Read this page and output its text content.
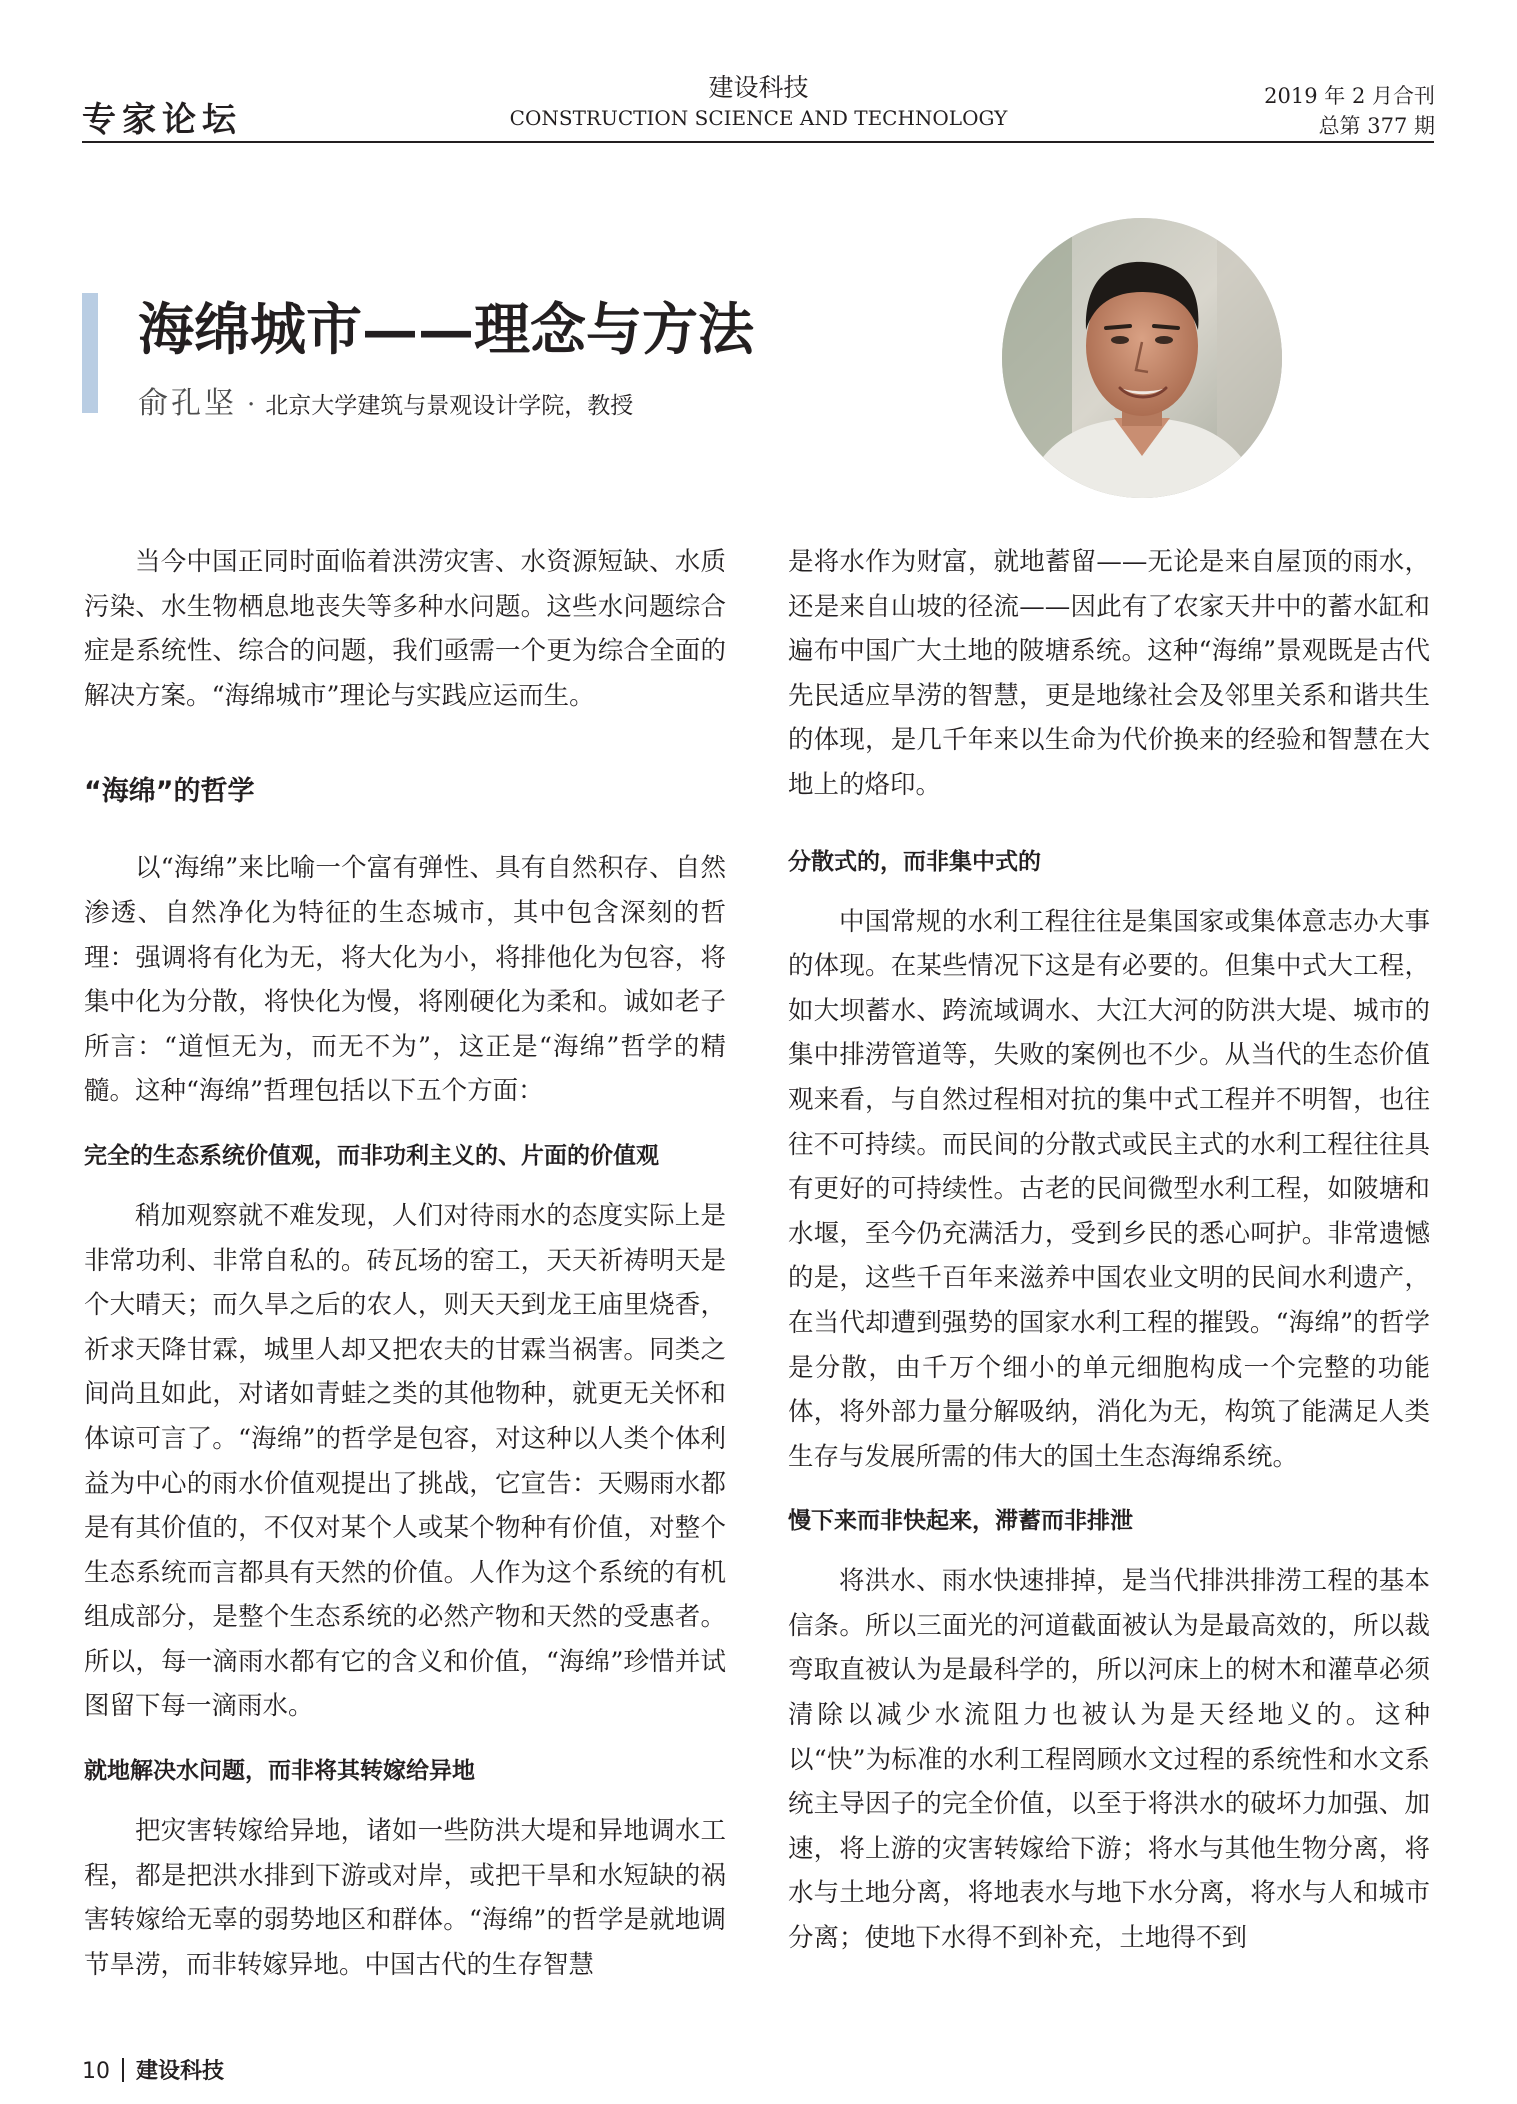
专家论坛
建设科技
CONSTRUCTION SCIENCE AND TECHNOLOGY
2019 年 2 月合刊
总第 377 期
海绵城市——理念与方法
俞孔坚 · 北京大学建筑与景观设计学院，教授

当今中国正同时面临着洪涝灾害、水资源短缺、水质污染、水生物栖息地丧失等多种水问题。这些水问题综合症是系统性、综合的问题，我们亟需一个更为综合全面的解决方案。“海绵城市”理论与实践应运而生。

“海绵”的哲学

以“海绵”来比喻一个富有弹性、具有自然积存、自然渗透、自然净化为特征的生态城市，其中包含深刻的哲理：强调将有化为无，将大化为小，将排他化为包容，将集中化为分散，将快化为慢，将刚硬化为柔和。诚如老子所言：“道恒无为，而无不为”，这正是“海绵”哲学的精髓。这种“海绵”哲理包括以下五个方面：

完全的生态系统价值观，而非功利主义的、片面的价值观

稍加观察就不难发现，人们对待雨水的态度实际上是非常功利、非常自私的。砖瓦场的窑工，天天祈祷明天是个大晴天；而久旱之后的农人，则天天到龙王庙里烧香，祈求天降甘霖，城里人却又把农夫的甘霖当祸害。同类之间尚且如此，对诸如青蛙之类的其他物种，就更无关怀和体谅可言了。“海绵”的哲学是包容，对这种以人类个体利益为中心的雨水价值观提出了挑战，它宣告：天赐雨水都是有其价值的，不仅对某个人或某个物种有价值，对整个生态系统而言都具有天然的价值。人作为这个系统的有机组成部分，是整个生态系统的必然产物和天然的受惠者。所以，每一滴雨水都有它的含义和价值，“海绵”珍惜并试图留下每一滴雨水。

就地解决水问题，而非将其转嫁给异地

把灾害转嫁给异地，诸如一些防洪大堤和异地调水工程，都是把洪水排到下游或对岸，或把干旱和水短缺的祸害转嫁给无辜的弱势地区和群体。“海绵”的哲学是就地调节旱涝，而非转嫁异地。中国古代的生存智慧

是将水作为财富，就地蓄留——无论是来自屋顶的雨水，还是来自山坡的径流——因此有了农家天井中的蓄水缸和遍布中国广大土地的陂塘系统。这种“海绵”景观既是古代先民适应旱涝的智慧，更是地缘社会及邻里关系和谐共生的体现，是几千年来以生命为代价换来的经验和智慧在大地上的烙印。

分散式的，而非集中式的

中国常规的水利工程往往是集国家或集体意志办大事的体现。在某些情况下这是有必要的。但集中式大工程，如大坝蓄水、跨流域调水、大江大河的防洪大堤、城市的集中排涝管道等，失败的案例也不少。从当代的生态价值观来看，与自然过程相对抗的集中式工程并不明智，也往往不可持续。而民间的分散式或民主式的水利工程往往具有更好的可持续性。古老的民间微型水利工程，如陂塘和水堰，至今仍充满活力，受到乡民的悉心呵护。非常遗憾的是，这些千百年来滋养中国农业文明的民间水利遗产，在当代却遭到强势的国家水利工程的摧毁。“海绵”的哲学是分散，由千万个细小的单元细胞构成一个完整的功能体，将外部力量分解吸纳，消化为无，构筑了能满足人类生存与发展所需的伟大的国土生态海绵系统。

慢下来而非快起来，滞蓄而非排泄

将洪水、雨水快速排掉，是当代排洪排涝工程的基本信条。所以三面光的河道截面被认为是最高效的，所以裁弯取直被认为是最科学的，所以河床上的树木和灌草必须清除以减少水流阻力也被认为是天经地义的。这种以“快”为标准的水利工程罔顾水文过程的系统性和水文系统主导因子的完全价值，以至于将洪水的破坏力加强、加速，将上游的灾害转嫁给下游；将水与其他生物分离，将水与土地分离，将地表水与地下水分离，将水与人和城市分离；使地下水得不到补充，土地得不到

10 建设科技
